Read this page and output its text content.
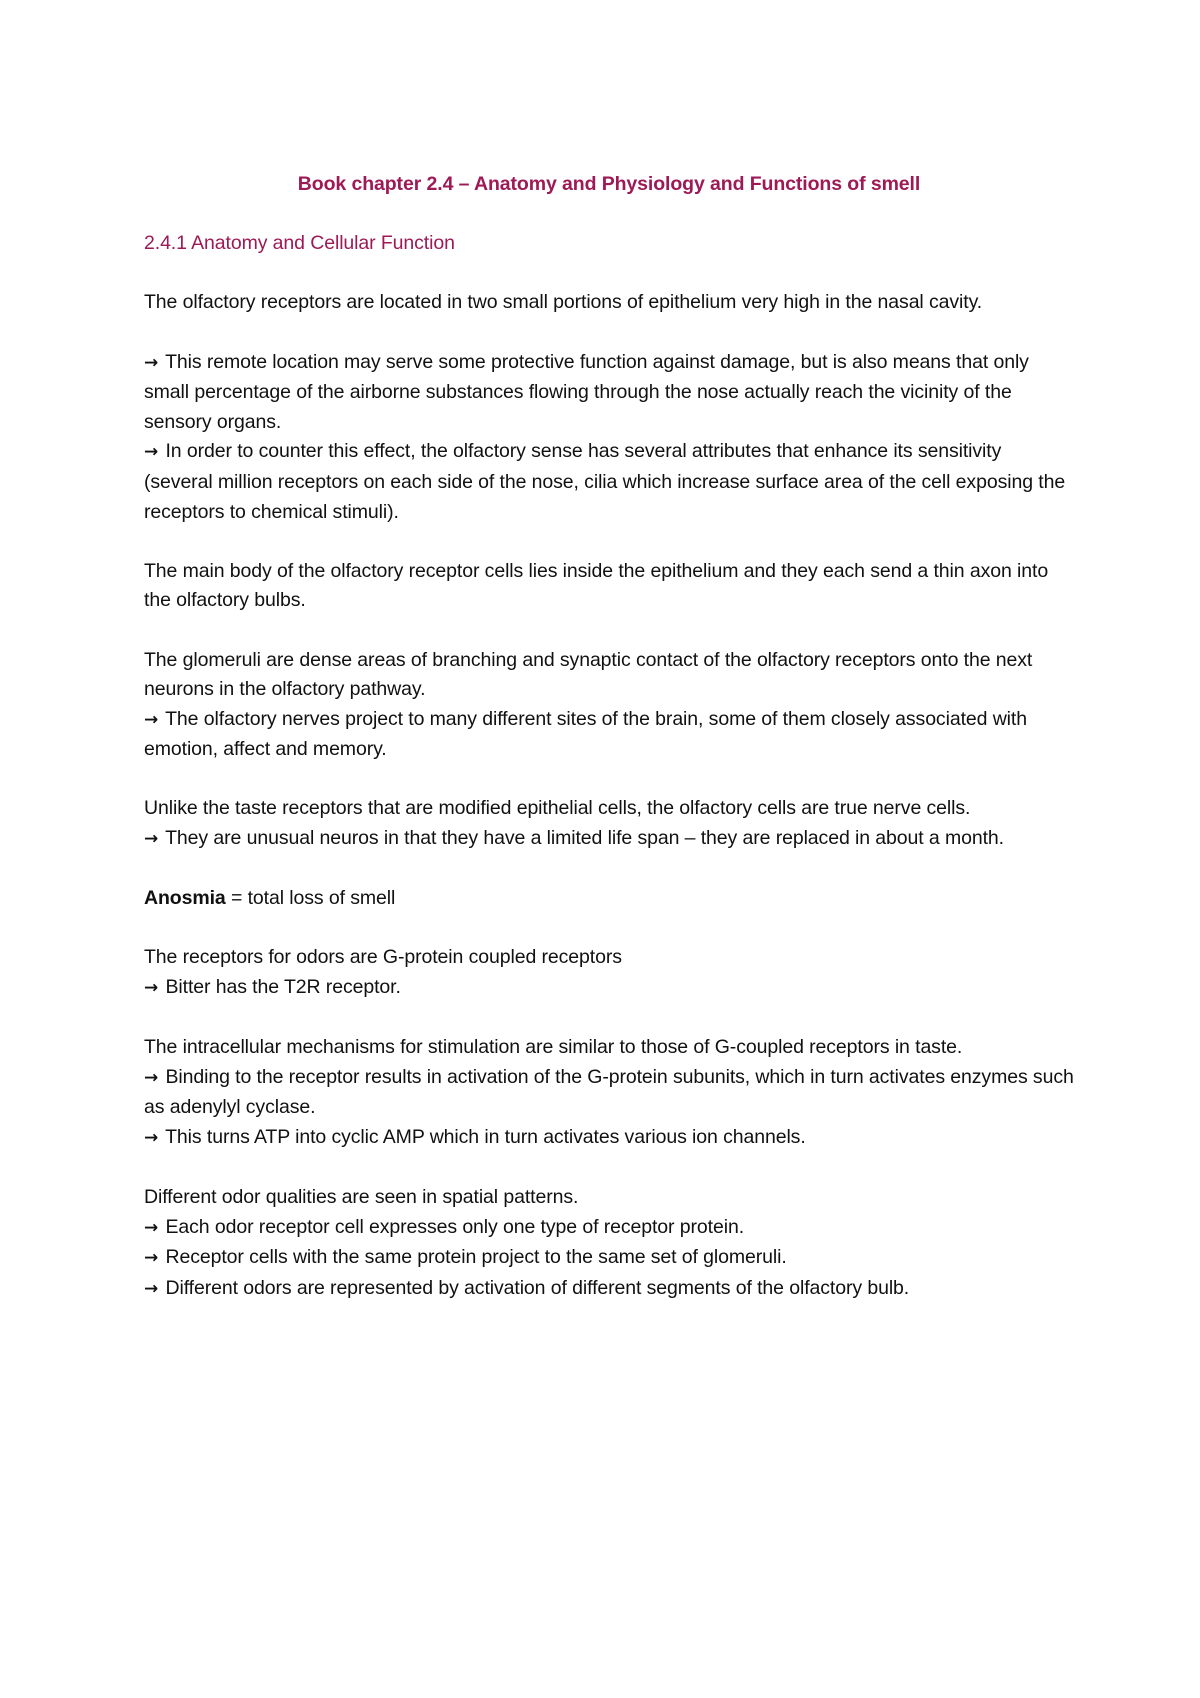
Book chapter 2.4 – Anatomy and Physiology and Functions of smell
2.4.1 Anatomy and Cellular Function
The olfactory receptors are located in two small portions of epithelium very high in the nasal cavity.
→ This remote location may serve some protective function against damage, but is also means that only small percentage of the airborne substances flowing through the nose actually reach the vicinity of the sensory organs.
→ In order to counter this effect, the olfactory sense has several attributes that enhance its sensitivity (several million receptors on each side of the nose, cilia which increase surface area of the cell exposing the receptors to chemical stimuli).
The main body of the olfactory receptor cells lies inside the epithelium and they each send a thin axon into the olfactory bulbs.
The glomeruli are dense areas of branching and synaptic contact of the olfactory receptors onto the next neurons in the olfactory pathway.
→ The olfactory nerves project to many different sites of the brain, some of them closely associated with emotion, affect and memory.
Unlike the taste receptors that are modified epithelial cells, the olfactory cells are true nerve cells.
→ They are unusual neuros in that they have a limited life span – they are replaced in about a month.
Anosmia = total loss of smell
The receptors for odors are G-protein coupled receptors
→ Bitter has the T2R receptor.
The intracellular mechanisms for stimulation are similar to those of G-coupled receptors in taste.
→ Binding to the receptor results in activation of the G-protein subunits, which in turn activates enzymes such as adenylyl cyclase.
→ This turns ATP into cyclic AMP which in turn activates various ion channels.
Different odor qualities are seen in spatial patterns.
→ Each odor receptor cell expresses only one type of receptor protein.
→ Receptor cells with the same protein project to the same set of glomeruli.
→ Different odors are represented by activation of different segments of the olfactory bulb.
